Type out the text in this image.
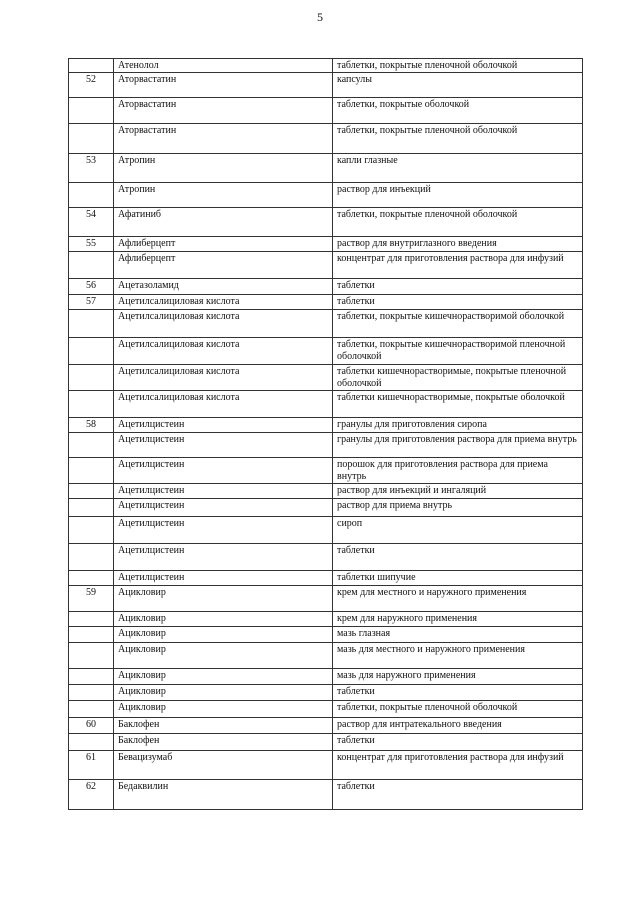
5
	Атенолол	таблетки, покрытые пленочной оболочкой
52	Аторвастатин	капсулы
	Аторвастатин	таблетки, покрытые оболочкой
	Аторвастатин	таблетки, покрытые пленочной оболочкой
53	Атропин	капли глазные
	Атропин	раствор для инъекций
54	Афатиниб	таблетки, покрытые пленочной оболочкой
55	Афлиберцепт	раствор для внутриглазного введения
	Афлиберцепт	концентрат для приготовления раствора для инфузий
56	Ацетазоламид	таблетки
57	Ацетилсалициловая кислота	таблетки
	Ацетилсалициловая кислота	таблетки, покрытые кишечнорастворимой оболочкой
	Ацетилсалициловая кислота	таблетки, покрытые кишечнорастворимой пленочной оболочкой
	Ацетилсалициловая кислота	таблетки кишечнорастворимые, покрытые пленочной оболочкой
	Ацетилсалициловая кислота	таблетки кишечнорастворимые, покрытые оболочкой
58	Ацетилцистеин	гранулы для приготовления сиропа
	Ацетилцистеин	гранулы для приготовления раствора для приема внутрь
	Ацетилцистеин	порошок для приготовления раствора для приема внутрь
	Ацетилцистеин	раствор для инъекций и ингаляций
	Ацетилцистеин	раствор для приема внутрь
	Ацетилцистеин	сироп
	Ацетилцистеин	таблетки
	Ацетилцистеин	таблетки шипучие
59	Ацикловир	крем для местного и наружного применения
	Ацикловир	крем для наружного применения
	Ацикловир	мазь глазная
	Ацикловир	мазь для местного и наружного применения
	Ацикловир	мазь для наружного применения
	Ацикловир	таблетки
	Ацикловир	таблетки, покрытые пленочной оболочкой
60	Баклофен	раствор для интратекального введения
	Баклофен	таблетки
61	Бевацизумаб	концентрат для приготовления раствора для инфузий
62	Бедаквилин	таблетки
